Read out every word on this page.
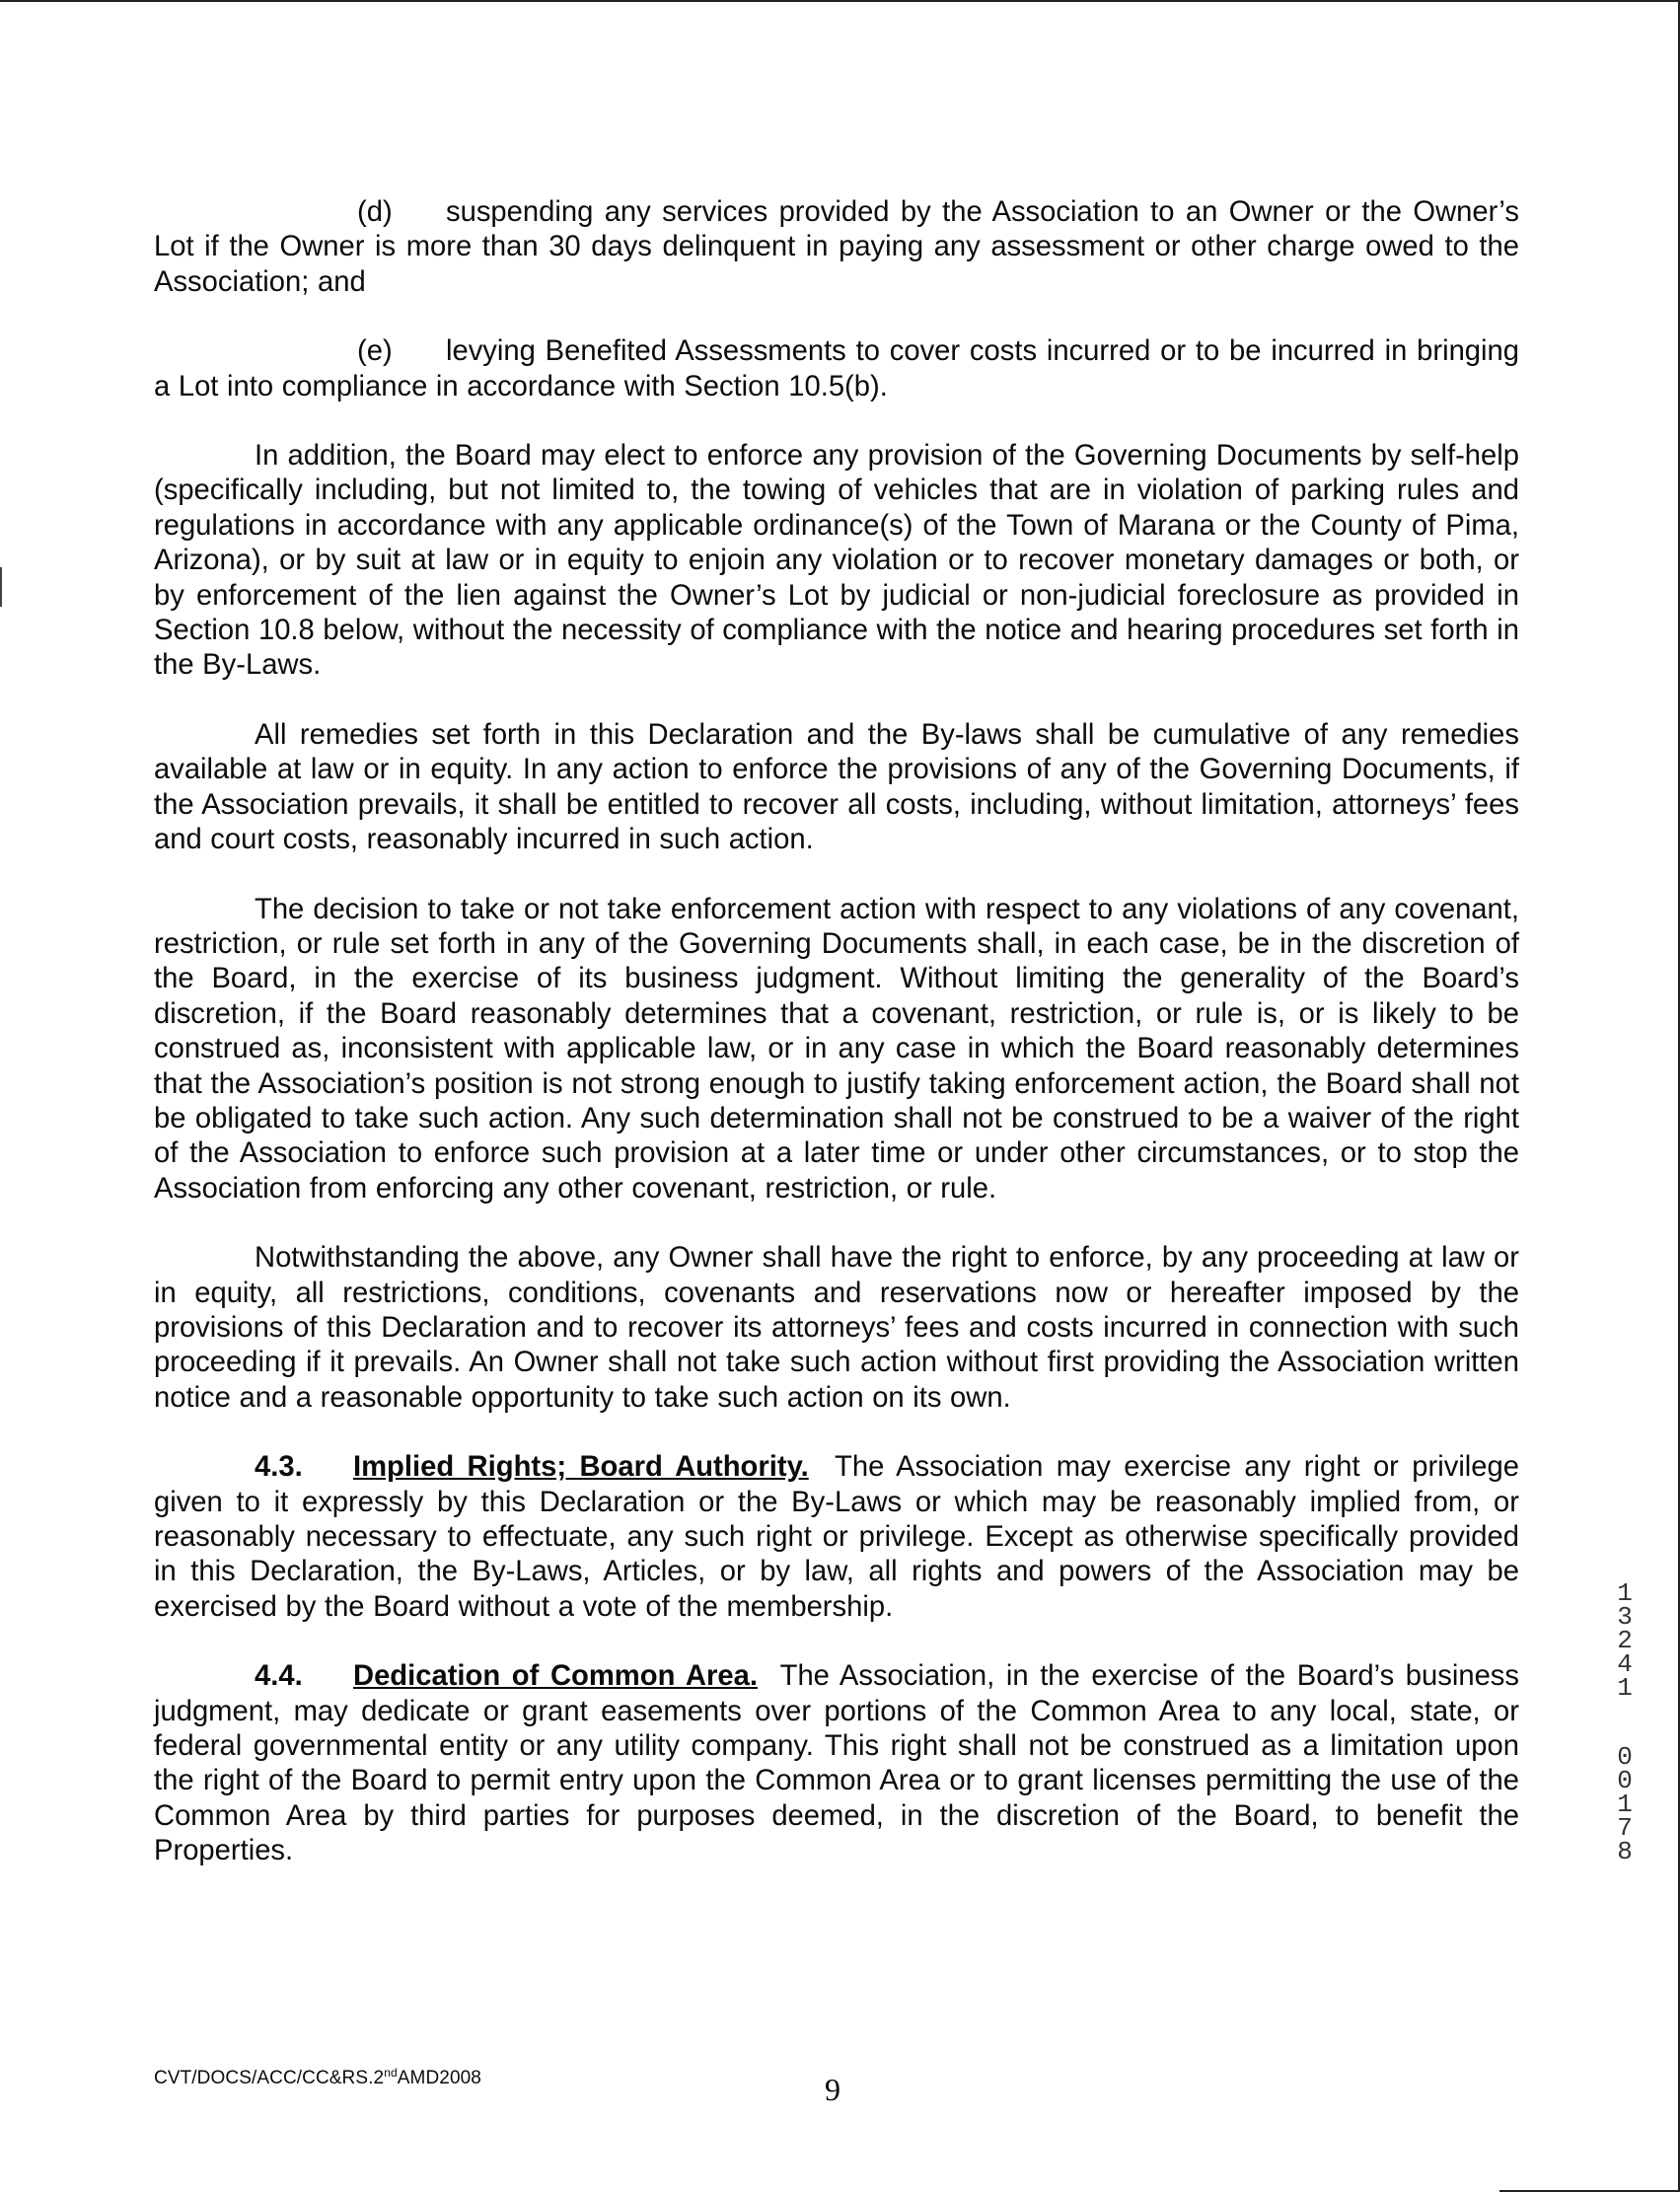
(d) suspending any services provided by the Association to an Owner or the Owner’s Lot if the Owner is more than 30 days delinquent in paying any assessment or other charge owed to the Association; and

(e) levying Benefited Assessments to cover costs incurred or to be incurred in bringing a Lot into compliance in accordance with Section 10.5(b).

In addition, the Board may elect to enforce any provision of the Governing Documents by self-help (specifically including, but not limited to, the towing of vehicles that are in violation of parking rules and regulations in accordance with any applicable ordinance(s) of the Town of Marana or the County of Pima, Arizona), or by suit at law or in equity to enjoin any violation or to recover monetary damages or both, or by enforcement of the lien against the Owner’s Lot by judicial or non-judicial foreclosure as provided in Section 10.8 below, without the necessity of compliance with the notice and hearing procedures set forth in the By-Laws.

All remedies set forth in this Declaration and the By-laws shall be cumulative of any remedies available at law or in equity. In any action to enforce the provisions of any of the Governing Documents, if the Association prevails, it shall be entitled to recover all costs, including, without limitation, attorneys’ fees and court costs, reasonably incurred in such action.

The decision to take or not take enforcement action with respect to any violations of any covenant, restriction, or rule set forth in any of the Governing Documents shall, in each case, be in the discretion of the Board, in the exercise of its business judgment. Without limiting the generality of the Board’s discretion, if the Board reasonably determines that a covenant, restriction, or rule is, or is likely to be construed as, inconsistent with applicable law, or in any case in which the Board reasonably determines that the Association’s position is not strong enough to justify taking enforcement action, the Board shall not be obligated to take such action. Any such determination shall not be construed to be a waiver of the right of the Association to enforce such provision at a later time or under other circumstances, or to stop the Association from enforcing any other covenant, restriction, or rule.

Notwithstanding the above, any Owner shall have the right to enforce, by any proceeding at law or in equity, all restrictions, conditions, covenants and reservations now or hereafter imposed by the provisions of this Declaration and to recover its attorneys’ fees and costs incurred in connection with such proceeding if it prevails. An Owner shall not take such action without first providing the Association written notice and a reasonable opportunity to take such action on its own.

4.3. Implied Rights; Board Authority. The Association may exercise any right or privilege given to it expressly by this Declaration or the By-Laws or which may be reasonably implied from, or reasonably necessary to effectuate, any such right or privilege. Except as otherwise specifically provided in this Declaration, the By-Laws, Articles, or by law, all rights and powers of the Association may be exercised by the Board without a vote of the membership.

4.4. Dedication of Common Area. The Association, in the exercise of the Board’s business judgment, may dedicate or grant easements over portions of the Common Area to any local, state, or federal governmental entity or any utility company. This right shall not be construed as a limitation upon the right of the Board to permit entry upon the Common Area or to grant licenses permitting the use of the Common Area by third parties for purposes deemed, in the discretion of the Board, to benefit the Properties.

CVT/DOCS/ACC/CC&RS.2ndAMD2008	9
1
3
2
4
1
0
0
1
7
8
